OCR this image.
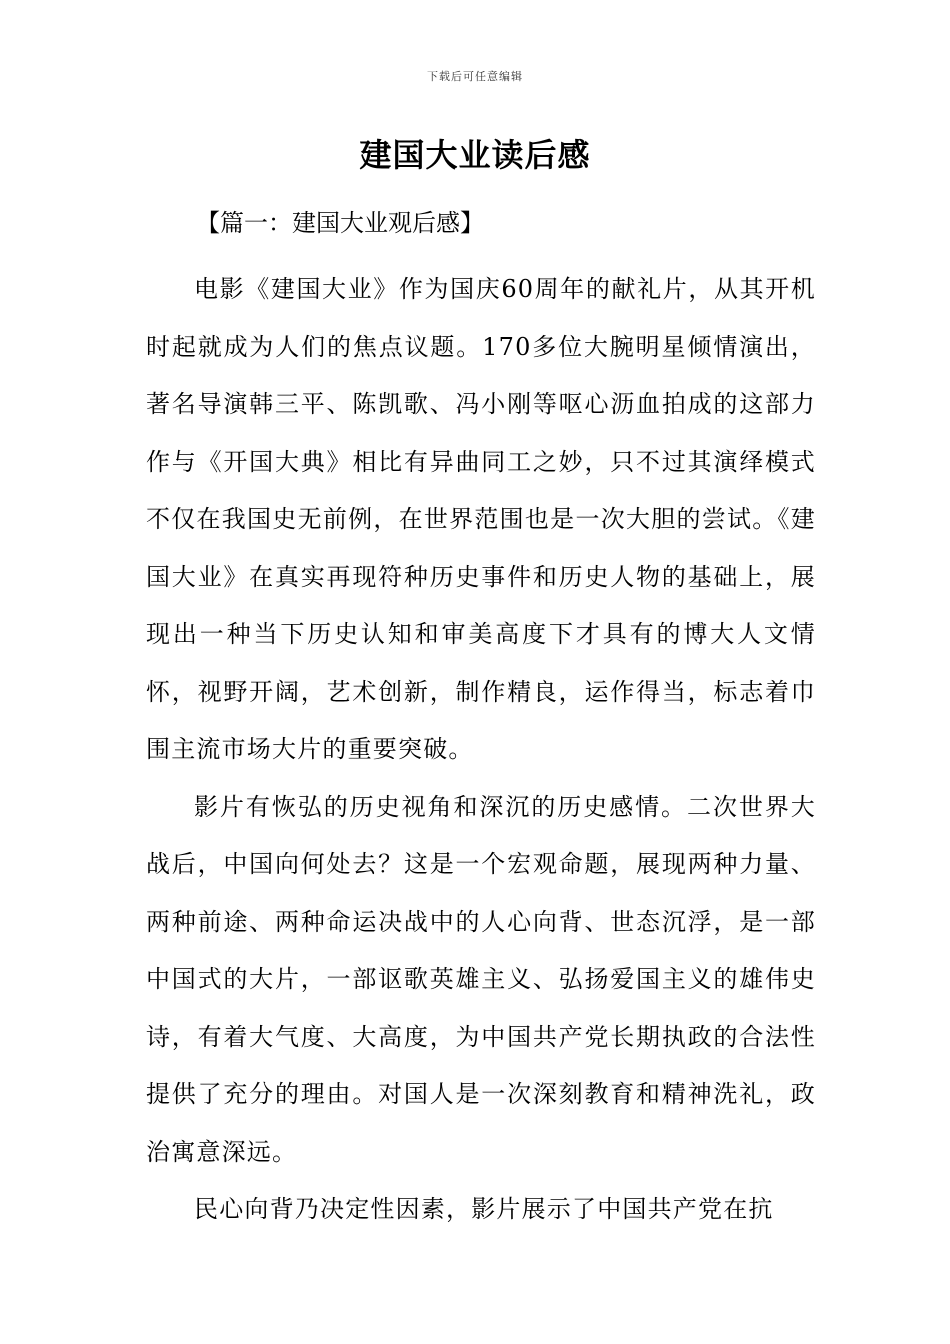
下载后可任意编辑
建国大业读后感

【篇一：建国大业观后感】

电影《建国大业》作为国庆60周年的献礼片，从其开机时起就成为人们的焦点议题。170多位大腕明星倾情演出，著名导演韩三平、陈凯歌、冯小刚等呕心沥血拍成的这部力作与《开国大典》相比有异曲同工之妙，只不过其演绎模式不仅在我国史无前例，在世界范围也是一次大胆的尝试。《建国大业》在真实再现符种历史事件和历史人物的基础上，展现出一种当下历史认知和审美高度下才具有的博大人文情怀，视野开阔，艺术创新，制作精良，运作得当，标志着巾围主流市场大片的重要突破。

影片有恢弘的历史视角和深沉的历史感情。二次世界大战后，中国向何处去？这是一个宏观命题，展现两种力量、两种前途、两种命运决战中的人心向背、世态沉浮，是一部中国式的大片，一部讴歌英雄主义、弘扬爱国主义的雄伟史诗，有着大气度、大高度，为中国共产党长期执政的合法性提供了充分的理由。对国人是一次深刻教育和精神洗礼，政治寓意深远。

民心向背乃决定性因素，影片展示了中国共产党在抗
